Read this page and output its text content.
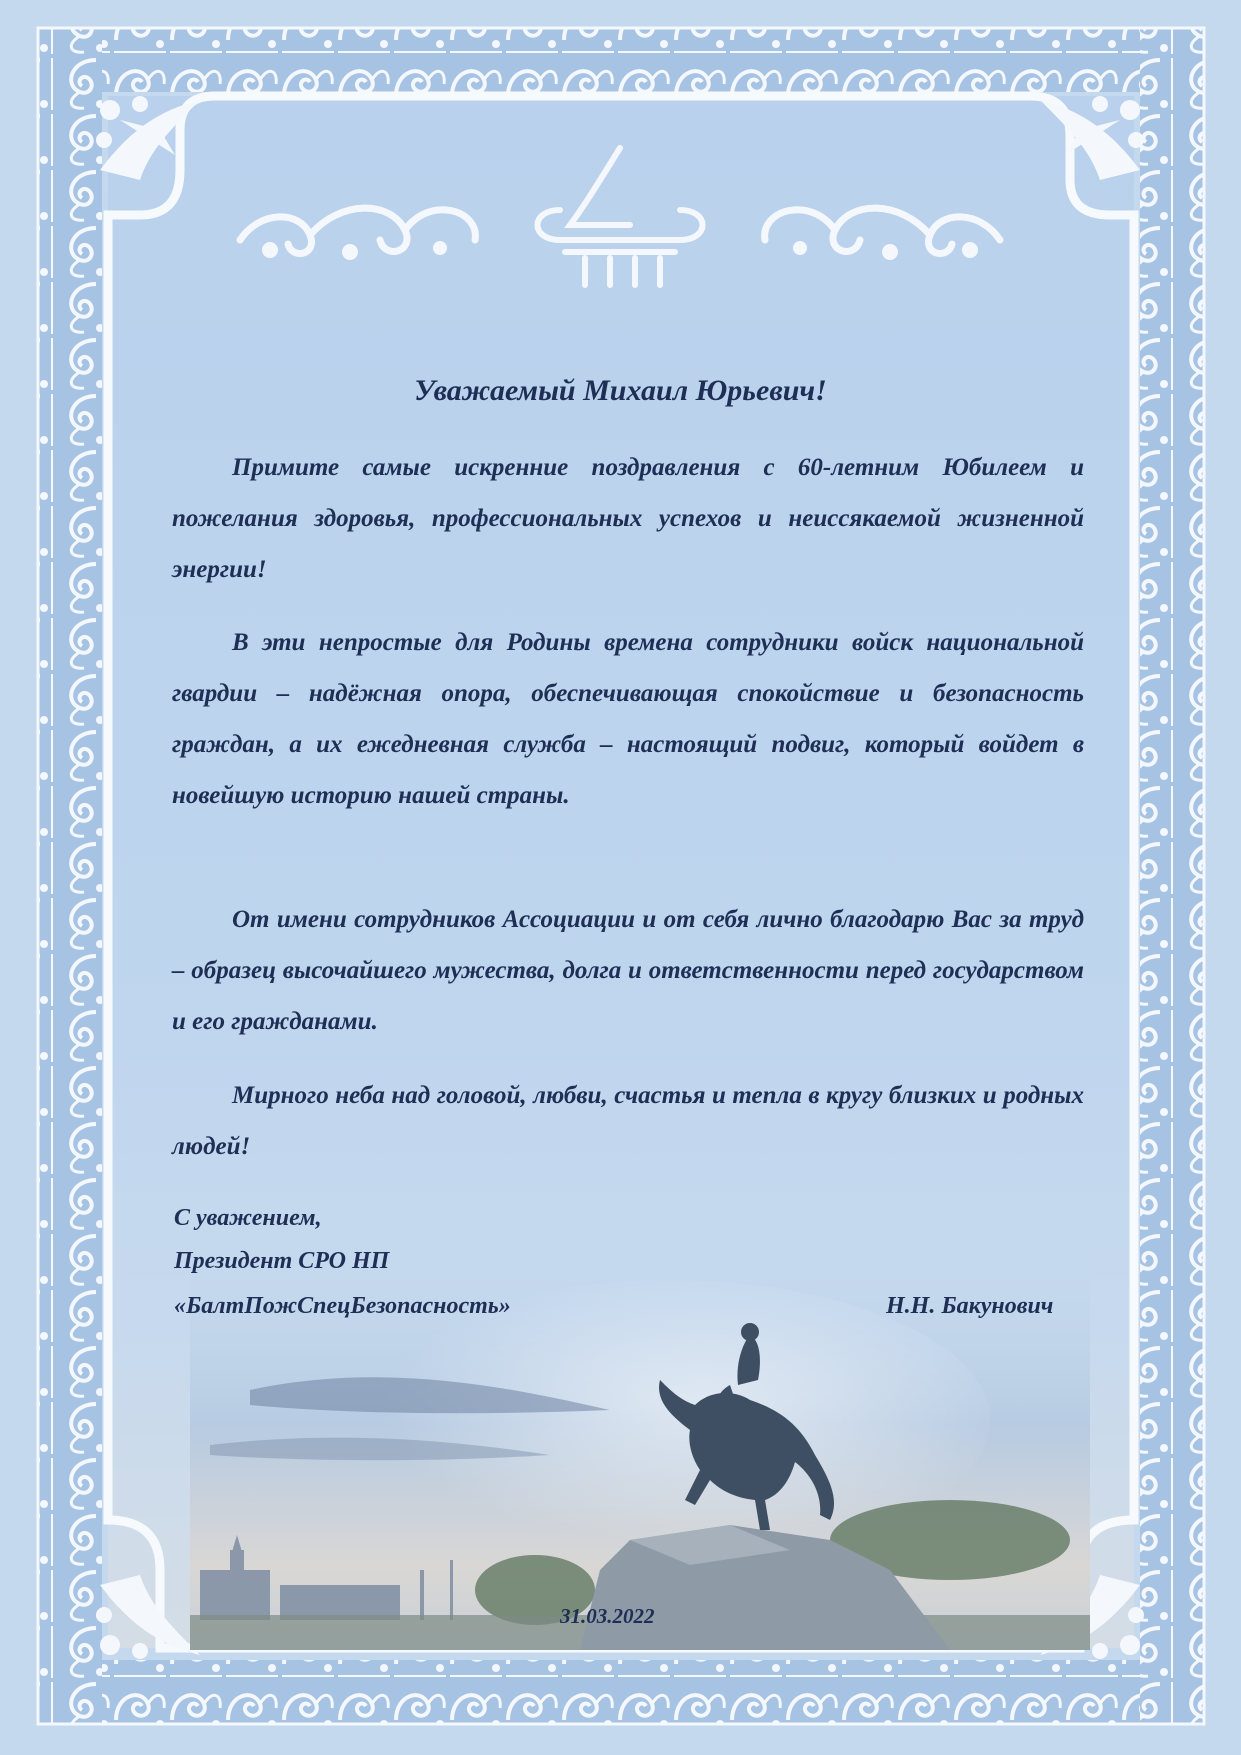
Уважаемый Михаил Юрьевич!

Примите самые искренние поздравления с 60-летним Юбилеем и пожелания здоровья, профессиональных успехов и неиссякаемой жизненной энергии!

В эти непростые для Родины времена сотрудники войск национальной гвардии – надёжная опора, обеспечивающая спокойствие и безопасность граждан, а их ежедневная служба – настоящий подвиг, который войдет в новейшую историю нашей страны.

От имени сотрудников Ассоциации и от себя лично благодарю Вас за труд – образец высочайшего мужества, долга и ответственности перед государством и его гражданами.

Мирного неба над головой, любви, счастья и тепла в кругу близких и родных людей!

С уважением,
Президент СРО НП
«БалтПожСпецБезопасность»	Н.Н. Бакунович
31.03.2022
